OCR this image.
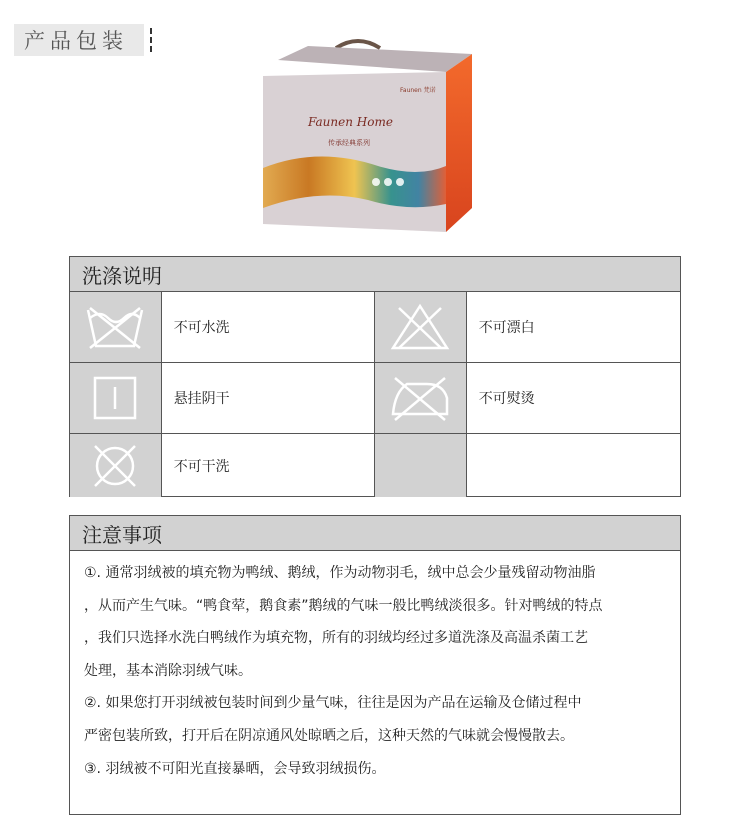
产品包装
Faunen Home
传承经典系列
Faunen 梵诺
洗涤说明
不可水洗	不可漂白
悬挂阴干	不可熨烫
不可干洗
注意事项
①. 通常羽绒被的填充物为鸭绒、鹅绒，作为动物羽毛，绒中总会少量残留动物油脂
，从而产生气味。“鸭食荤，鹅食素”鹅绒的气味一般比鸭绒淡很多。针对鸭绒的特点
，我们只选择水洗白鸭绒作为填充物，所有的羽绒均经过多道洗涤及高温杀菌工艺
处理，基本消除羽绒气味。
②. 如果您打开羽绒被包装时间到少量气味，往往是因为产品在运输及仓储过程中
严密包装所致，打开后在阴凉通风处晾晒之后，这种天然的气味就会慢慢散去。
③. 羽绒被不可阳光直接暴晒，会导致羽绒损伤。
